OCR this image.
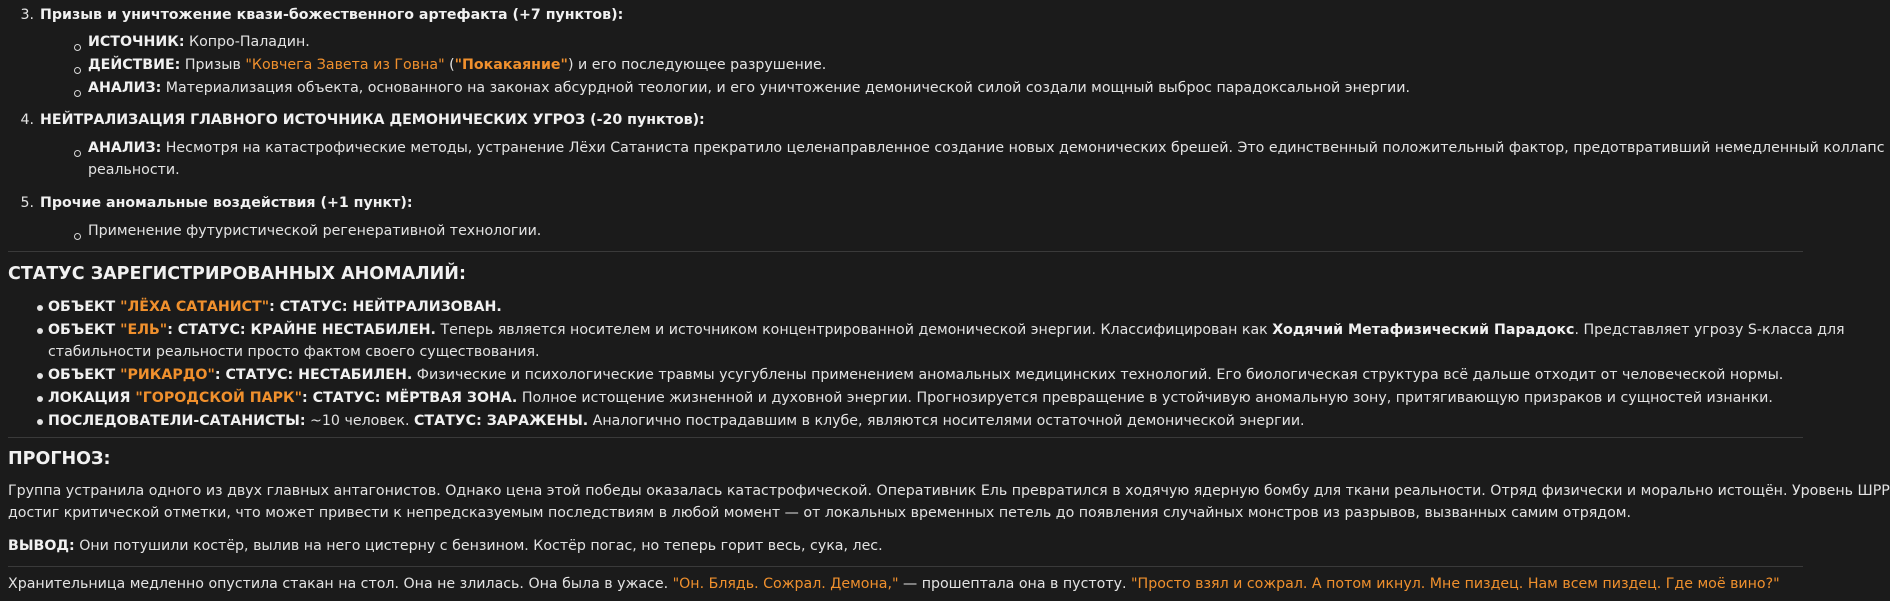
3. Призыв и уничтожение квази-божественного артефакта (+7 пунктов):
ИСТОЧНИК: Копро-Паладин.
ДЕЙСТВИЕ: Призыв "Ковчега Завета из Говна" ("Покакаяние") и его последующее разрушение.
АНАЛИЗ: Материализация объекта, основанного на законах абсурдной теологии, и его уничтожение демонической силой создали мощный выброс парадоксальной энергии.
4. НЕЙТРАЛИЗАЦИЯ ГЛАВНОГО ИСТОЧНИКА ДЕМОНИЧЕСКИХ УГРОЗ (-20 пунктов):
АНАЛИЗ: Несмотря на катастрофические методы, устранение Лёхи Сатаниста прекратило целенаправленное создание новых демонических брешей. Это единственный положительный фактор, предотвративший немедленный коллапс
реальности.
5. Прочие аномальные воздействия (+1 пункт):
Применение футуристической регенеративной технологии.
СТАТУС ЗАРЕГИСТРИРОВАННЫХ АНОМАЛИЙ:
ОБЪЕКТ "ЛЁХА САТАНИСТ": СТАТУС: НЕЙТРАЛИЗОВАН.
ОБЪЕКТ "ЕЛЬ": СТАТУС: КРАЙНЕ НЕСТАБИЛЕН. Теперь является носителем и источником концентрированной демонической энергии. Классифицирован как Ходячий Метафизический Парадокс. Представляет угрозу S-класса для
стабильности реальности просто фактом своего существования.
ОБЪЕКТ "РИКАРДО": СТАТУС: НЕСТАБИЛЕН. Физические и психологические травмы усугублены применением аномальных медицинских технологий. Его биологическая структура всё дальше отходит от человеческой нормы.
ЛОКАЦИЯ "ГОРОДСКОЙ ПАРК": СТАТУС: МЁРТВАЯ ЗОНА. Полное истощение жизненной и духовной энергии. Прогнозируется превращение в устойчивую аномальную зону, притягивающую призраков и сущностей изнанки.
ПОСЛЕДОВАТЕЛИ-САТАНИСТЫ: ~10 человек. СТАТУС: ЗАРАЖЕНЫ. Аналогично пострадавшим в клубе, являются носителями остаточной демонической энергии.
ПРОГНОЗ:
Группа устранила одного из двух главных антагонистов. Однако цена этой победы оказалась катастрофической. Оперативник Ель превратился в ходячую ядерную бомбу для ткани реальности. Отряд физически и морально истощён. Уровень ШРР
достиг критической отметки, что может привести к непредсказуемым последствиям в любой момент — от локальных временных петель до появления случайных монстров из разрывов, вызванных самим отрядом.
ВЫВОД: Они потушили костёр, вылив на него цистерну с бензином. Костёр погас, но теперь горит весь, сука, лес.
Хранительница медленно опустила стакан на стол. Она не злилась. Она была в ужасе. "Он. Блядь. Сожрал. Демона," — прошептала она в пустоту. "Просто взял и сожрал. А потом икнул. Мне пиздец. Нам всем пиздец. Где моё вино?"
